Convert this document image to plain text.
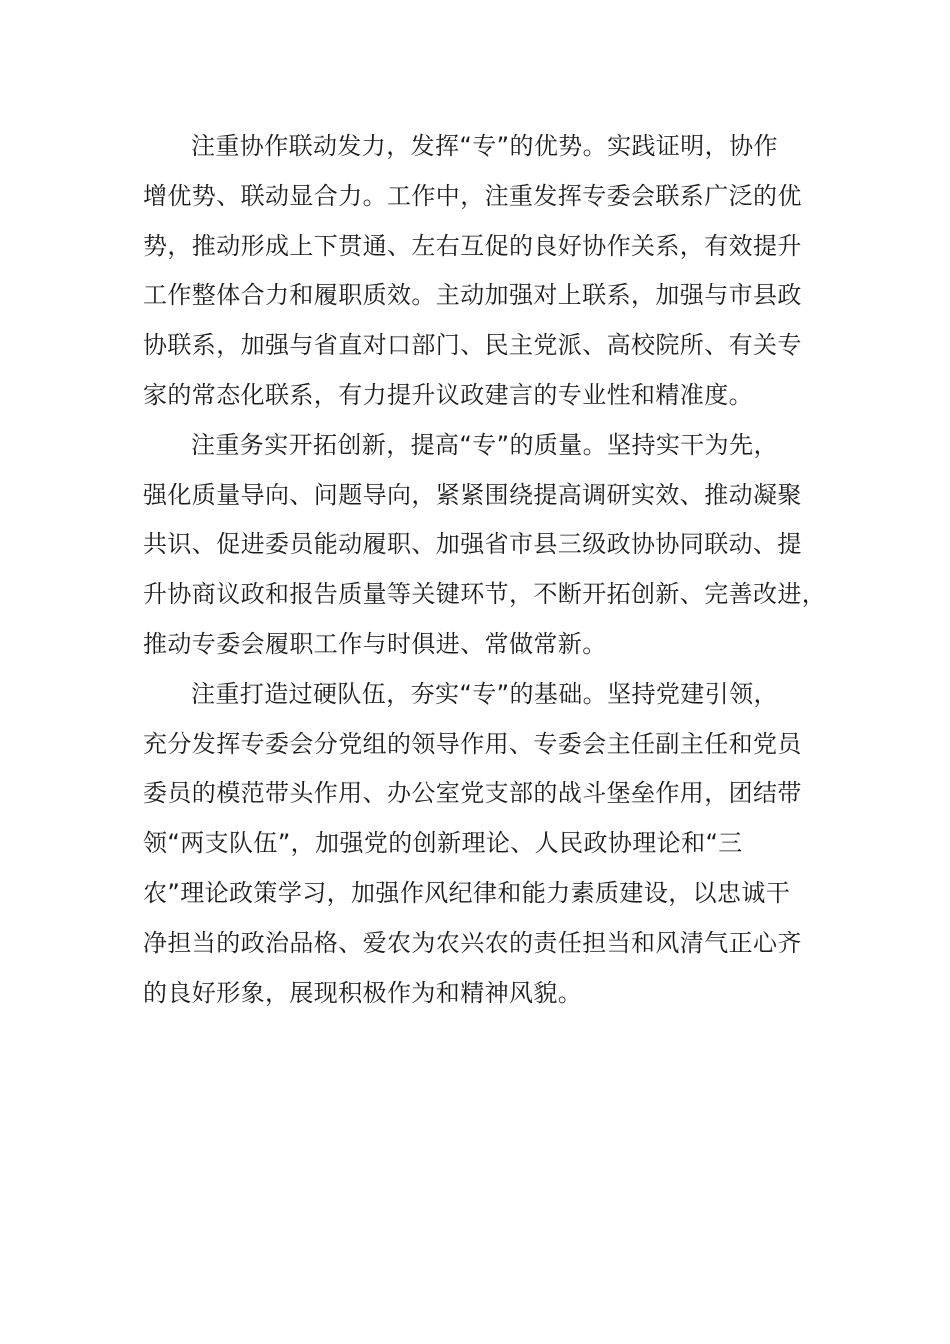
注重协作联动发力，发挥“专”的优势。实践证明，协作
增优势、联动显合力。工作中，注重发挥专委会联系广泛的优
势，推动形成上下贯通、左右互促的良好协作关系，有效提升
工作整体合力和履职质效。主动加强对上联系，加强与市县政
协联系，加强与省直对口部门、民主党派、高校院所、有关专
家的常态化联系，有力提升议政建言的专业性和精准度。
注重务实开拓创新，提高“专”的质量。坚持实干为先，
强化质量导向、问题导向，紧紧围绕提高调研实效、推动凝聚
共识、促进委员能动履职、加强省市县三级政协协同联动、提
升协商议政和报告质量等关键环节，不断开拓创新、完善改进，
推动专委会履职工作与时俱进、常做常新。
注重打造过硬队伍，夯实“专”的基础。坚持党建引领，
充分发挥专委会分党组的领导作用、专委会主任副主任和党员
委员的模范带头作用、办公室党支部的战斗堡垒作用，团结带
领“两支队伍”，加强党的创新理论、人民政协理论和“三
农”理论政策学习，加强作风纪律和能力素质建设，以忠诚干
净担当的政治品格、爱农为农兴农的责任担当和风清气正心齐
的良好形象，展现积极作为和精神风貌。
